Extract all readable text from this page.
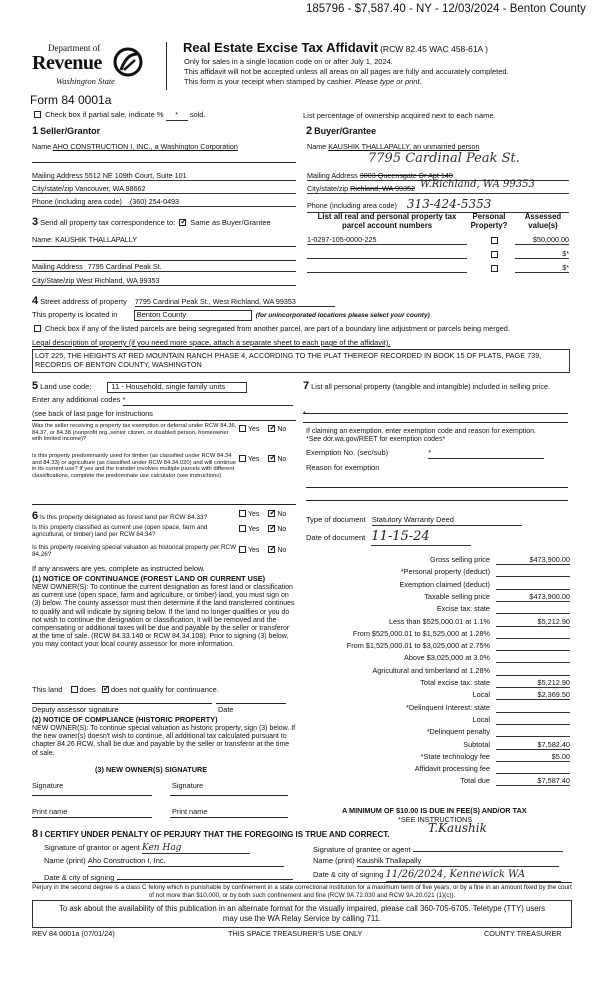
185796 - $7,587.40 - NY - 12/03/2024 - Benton County
Department of
Revenue
Washington State
Form 84 0001a
Real Estate Excise Tax Affidavit (RCW 82.45 WAC 458-61A )
Only for sales in a single location code on or after July 1, 2024.
This affidavit will not be accepted unless all areas on all pages are fully and accurately completed.
This form is your receipt when stamped by cashier. Please type or print.
Check box if partial sale, indicate % * sold.	List percentage of ownership acquired next to each name.
1 Seller/Grantor	2 Buyer/Grantee
Name AHO CONSTRUCTION I, INC., a Washington Corporation
Mailing Address 5512 NE 109th Court, Suite 101
City/state/zip Vancouver, WA 98662
Phone (including area code) (360) 254-0493
Name KAUSHIK THALLAPALLY, an unmarried person
7795 Cardinal Peak St.
Mailing Address 3003 Queensgate Dr Apt 140
W.Richland, WA 99353
City/state/zip Richland, WA 99352
Phone (including area code) 313-424-5353
3 Send all property tax correspondence to: ✓ Same as Buyer/Grantee
Name: KAUSHIK THALLAPALLY
Mailing Address 7795 Cardinal Peak St.
City/State/zip West Richland, WA 99353
List all real and personal property tax parcel account numbers
Personal Property?
Assessed value(s)
1-0297-105-0000-225	$50,000.00
$*
$*
4 Street address of property 7795 Cardinal Peak St., West Richland, WA 99353
This property is located in	Benton County	(for unincorporated locations please select your county)
Check box if any of the listed parcels are being segregated from another parcel, are part of a boundary line adjustment or parcels being merged.
Legal description of property (if you need more space, attach a separate sheet to each page of the affidavit).
LOT 225, THE HEIGHTS AT RED MOUNTAIN RANCH PHASE 4, ACCORDING TO THE PLAT THEREOF RECORDED IN BOOK 15 OF PLATS, PAGE 739, RECORDS OF BENTON COUNTY, WASHINGTON
5 Land use code:	11 - Household, single family units
Enter any additional codes *
(see back of last page for instructions
Was the seller receiving a property tax exemption or deferral under RCW 84.36, 84.37, or 84.38 (nonprofit org.,senior citizen, or disabled person, homeowner with limited income)?
Yes ✓	No
Is this property predominantly used for timber (as classified under RCW 84.34 and 84.33) or agriculture (as classified under RCW 84.34.020) and will continue in its current use? If yes and the transfer involves multiple parcels with different classifications, complete the predominate use calculator (see instructions)
Yes ✓	No
7 List all personal property (tangible and intangible) included in selling price.
If claiming an exemption, enter exemption code and reason for exemption. *See dor.wa.gov/REET for exemption codes*
Exemption No. (sec/sub)	*
Reason for exemption
6 Is this property designated as forest land per RCW 84.33?	Yes ✓	No
Is this property classified as current use (open space, farm and agricultural, or timber) land per RCW 84.34?
Yes ✓	No
Is this property receiving special valuation as historical property per RCW 84.26?
Yes ✓	No
If any answers are yes, complete as instructed below.
(1) NOTICE OF CONTINUANCE (FOREST LAND OR CURRENT USE)
NEW OWNER(S): To continue the current designation as forest land or classification as current use (open space, farm and agriculture, or timber) land, you must sign on (3) below. The county assessor must then determine if the land transferred continues to qualify and will indicate by signing below. If the land no longer qualifies or you do not wish to continue the designation or classification, it will be removed and the compensating or additional taxes will be due and payable by the seller or transferor at the time of sale. (RCW 84.33.140 or RCW 84.34.108). Prior to signing (3) below, you may contact your local county assessor for more information.
This land does ✓ does not qualify for continuance.
Deputy assessor signature	Date
(2) NOTICE OF COMPLIANCE (HISTORIC PROPERTY)
NEW OWNER(S): To continue special valuation as historic property, sign (3) below. If the new owner(s) doesn't wish to continue, all additional tax calculated pursuant to chapter 84.26 RCW, shall be due and payable by the seller or transferor at the time of sale.
(3) NEW OWNER(S) SIGNATURE
Signature	Signature
Print name	Print name
Type of document Statutory Warranty Deed
Date of document 11-15-24
Gross selling price	$473,900.00
*Personal property (deduct)
Exemption claimed (deduct)
Taxable selling price	$473,900.00
Excise tax: state
Less than $525,000.01 at 1.1%	$5,212.90
From $525,000.01 to $1,525,000 at 1.28%
From $1,525,000.01 to $3,025,000 at 2.75%
Above $3,025,000 at 3.0%
Agricultural and timberland at 1.28%
Total excise tax: state	$5,212.90
Local	$2,369.50
*Delinquent Interest: state
Local
*Delinquent penalty
Subtotal	$7,582.40
*State technology fee	$5.00
Affidavit processing fee
Total due	$7,587.40
A MINIMUM OF $10.00 IS DUE IN FEE(S) AND/OR TAX
*SEE INSTRUCTIONS
8 I CERTIFY UNDER PENALTY OF PERJURY THAT THE FOREGOING IS TRUE AND CORRECT.	T.Kaushik
Signature of grantor or agent Ken Hag	Signature of grantee or agent
Name (print) Aho Construction I, Inc.	Name (print) Kaushik Thallapally
Date & city of signing	Date & city of signing 11/26/2024, Kennewick WA
Perjury in the second degree is a class C felony which is punishable by confinement in a state correctional institution for a maximum term of five years, or by a fine in an amount fixed by the court of not more than $10,000, or by both such confinement and fine (RCW 9A.72.030 and RCW 9A.20.021 (1)(c)).
To ask about the availability of this publication in an alternate format for the visually impaired, please call 360-705-6705. Teletype (TTY) users may use the WA Relay Service by calling 711.
REV 84 0001a (07/01/24)	THIS SPACE TREASURER'S USE ONLY	COUNTY TREASURER
